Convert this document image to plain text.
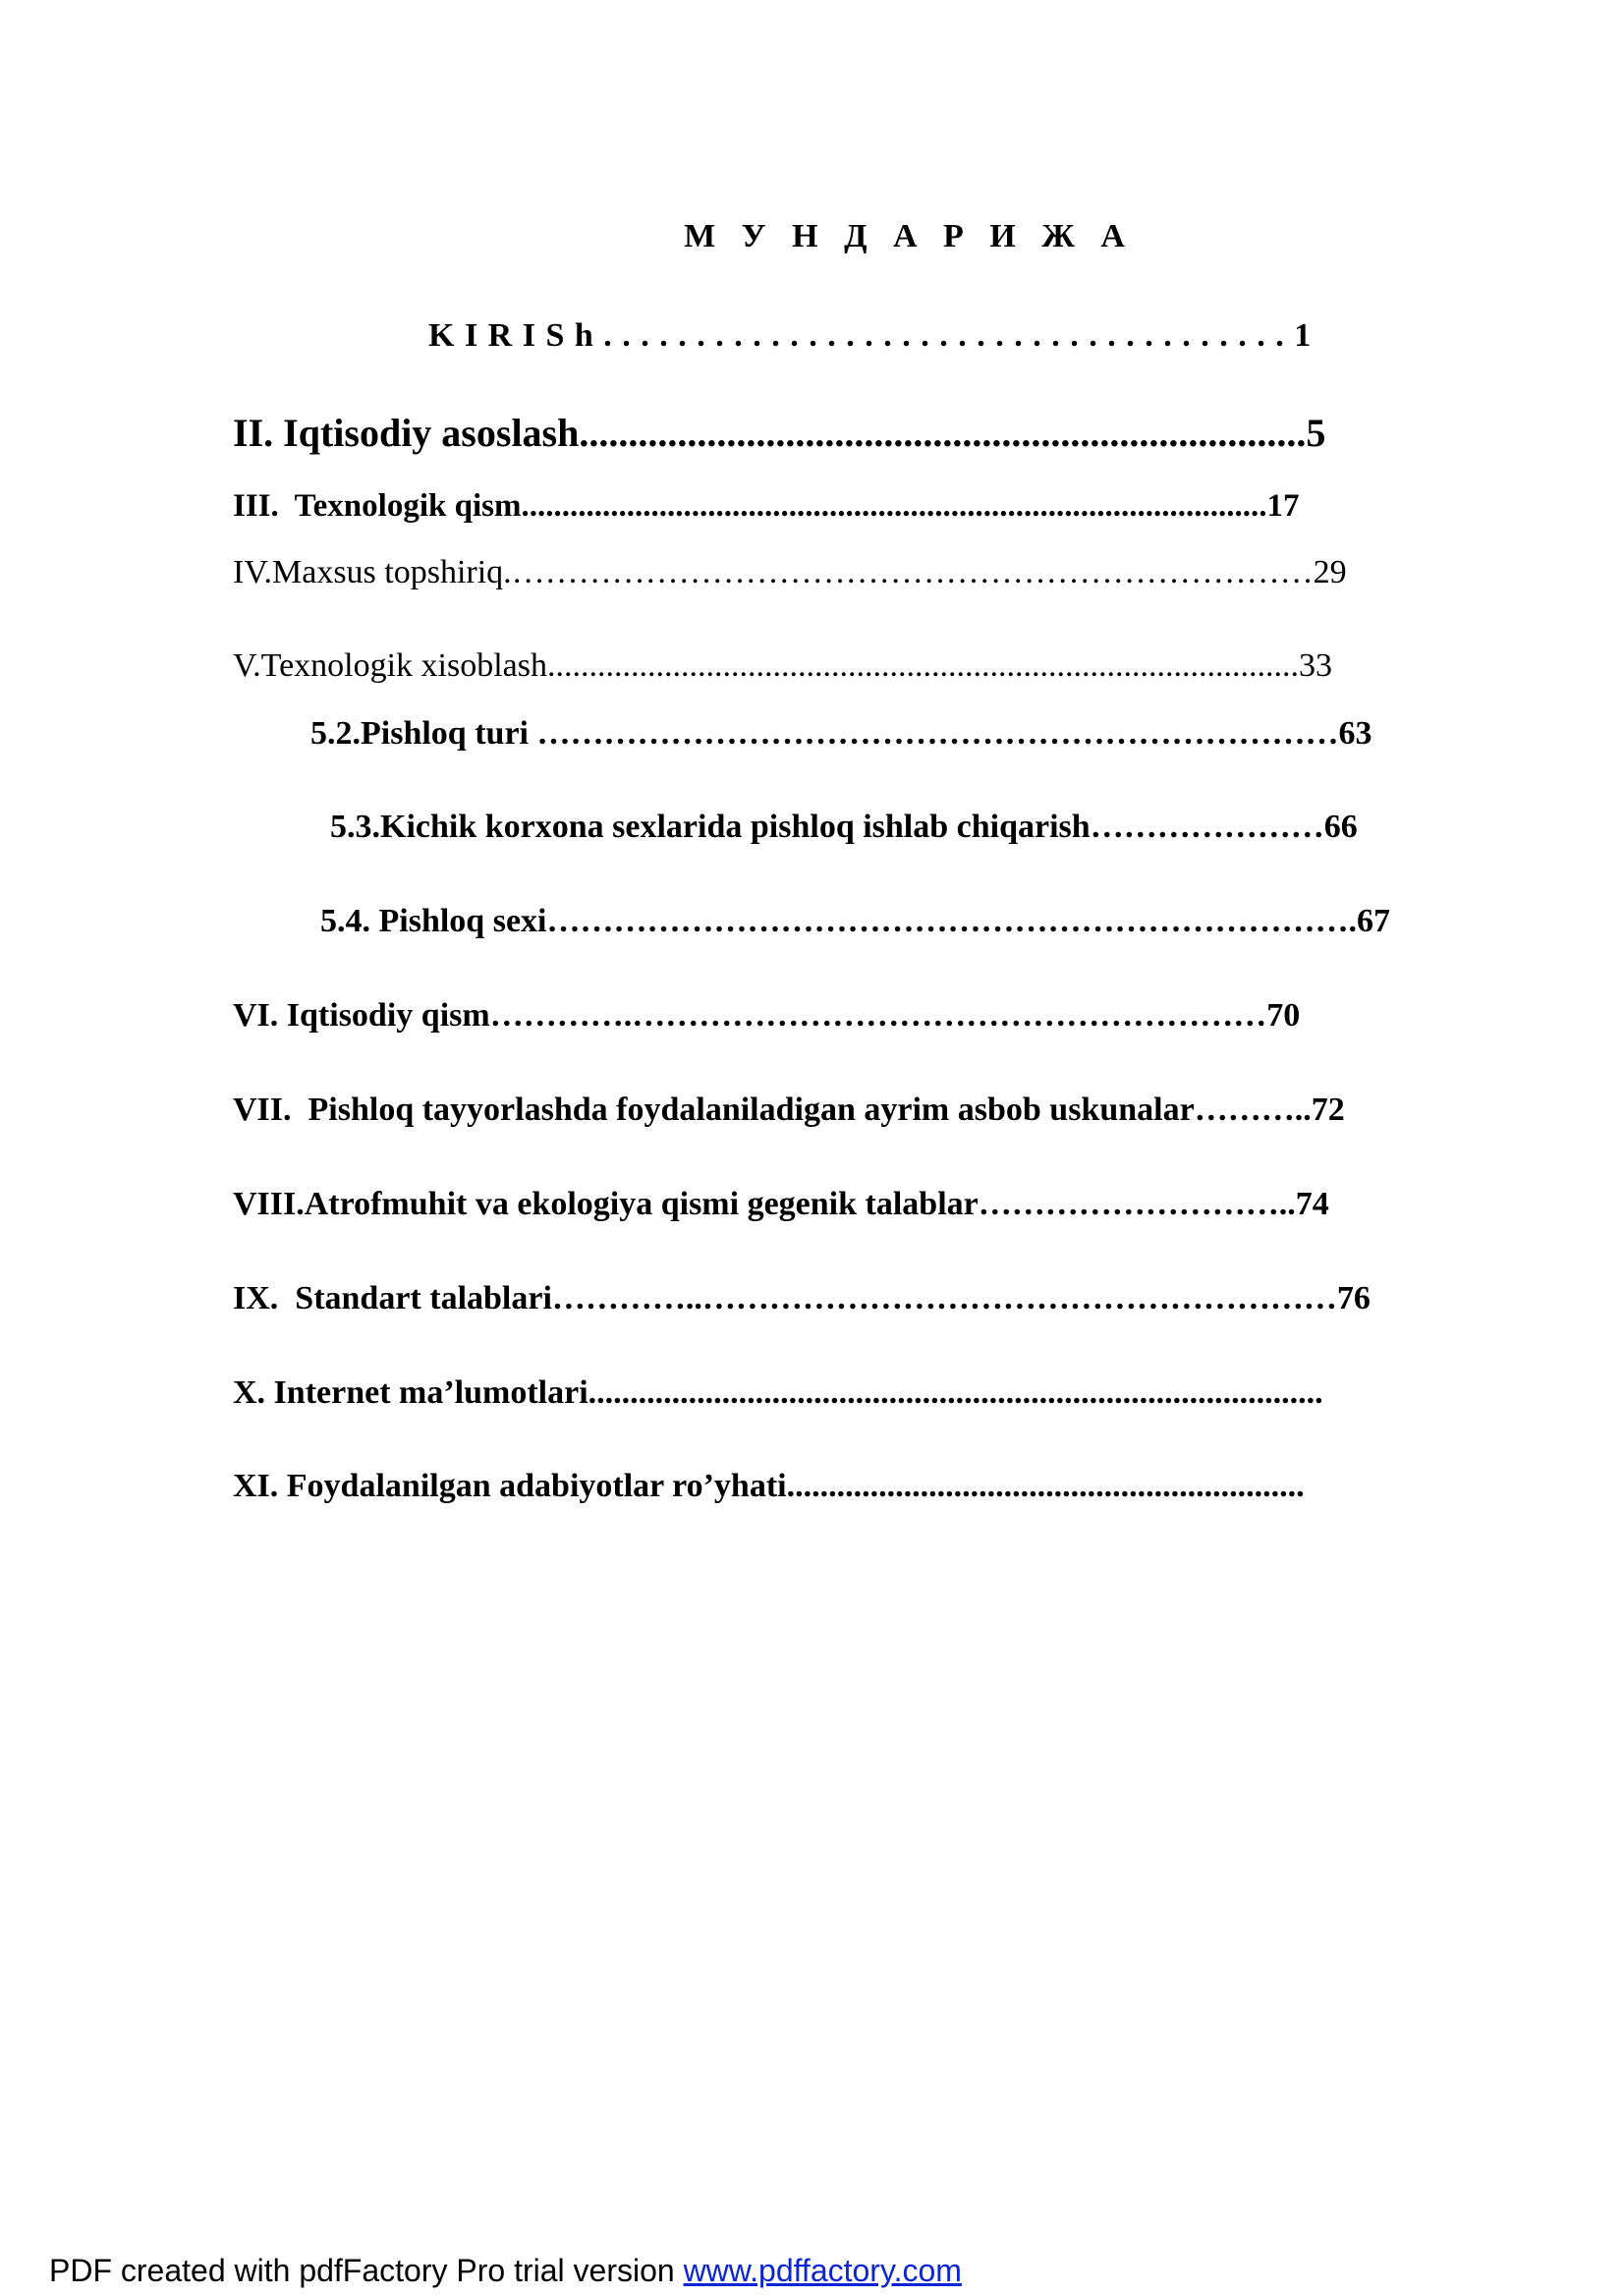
М У Н Д А Р И Ж А
K I R I S h . . . . . . . . . . . . . . . . . . . . . . . . . . . . . . . . . . . . . 1
II. Iqtisodiy asoslash..........................................................................5
III.  Texnologik qism............................................................................................17
IV.Maxsus topshiriq.………………………………………………………………29
V.Texnologik xisoblash..........................................................................................33
5.2.Pishloq turi ………………………………………………………………63
5.3.Kichik korxona sexlarida pishloq ishlab chiqarish…………………66
5.4. Pishloq sexi……………………………………………………………….67
VI. Iqtisodiy qism………….…………………………………………………70
VII.  Pishloq tayyorlashda foydalaniladigan ayrim asbob uskunalar………..72
VIII.Atrofmuhit va ekologiya qismi gegenik talablar………………………..74
IX.  Standart talablari…………..…………………………………………………76
X. Internet ma’lumotlari........................................................................................
XI. Foydalanilgan adabiyotlar ro’yhati..............................................................
PDF created with pdfFactory Pro trial version www.pdffactory.com
